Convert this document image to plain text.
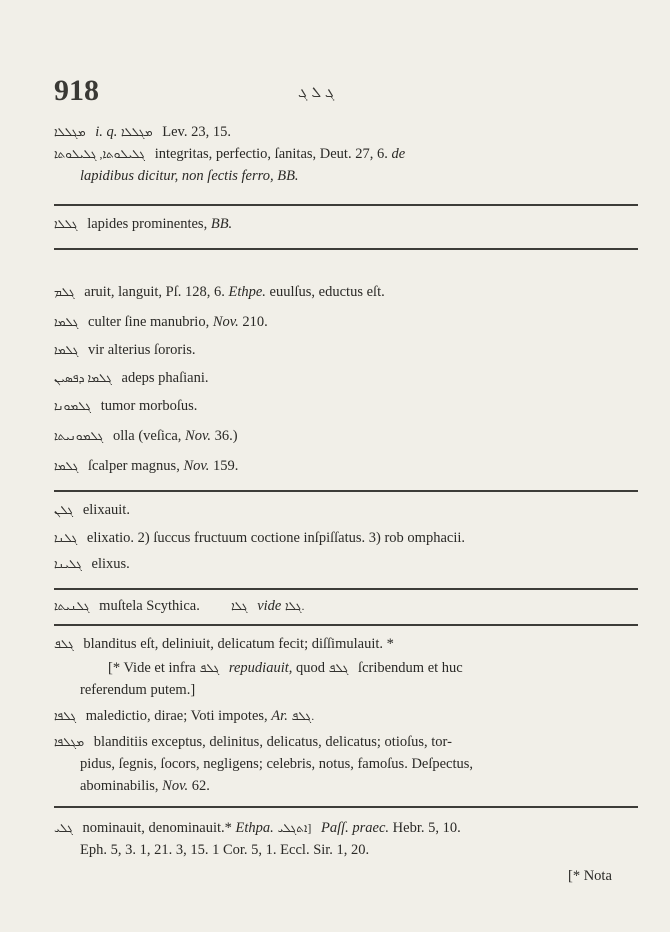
918	ܓ ܠ ܓ
ܡܓܠܠܐ i. q. ܡܓܠܠܐ Lev. 23, 15.
ܓܠܝܠܘܬܐ, ܓܠܝܠܘܬܐ integritas, perfectio, ſanitas, Deut. 27, 6. de
lapidibus dicitur, non ſectis ferro, BB.
ܓܠܠܐ lapides prominentes, BB.
ܓܠܡ aruit, languit, Pſ. 128, 6. Ethpe. euulſus, eductus eſt.
ܓܠܡܐ culter ſine manubrio, Nov. 210.
ܓܠܡܐ vir alterius ſororis.
ܓܠܡܐ ܕܦܣܝܢ adeps phaſiani.
ܓܠܡܘܢܐ tumor morboſus.
ܓܠܡܘܢܝܬܐ olla (veſica, Nov. 36.)
ܓܠܡܐ ſcalper magnus, Nov. 159.
ܓܠܢ elixauit.
ܓܠܢܐ elixatio. 2) ſuccus fructuum coctione inſpiſſatus. 3) rob omphacii.
ܓܠܝܢܐ elixus.
ܓܠܢܝܬܐ muſtela Scythica.	ܓܠܐ vide ܓܠܐ.
ܓܠܦ blanditus eſt, deliniuit, delicatum fecit; diſſimulauit. *
[* Vide et infra ܓܠܦ repudiauit, quod ܓܠܦ ſcribendum et huc
referendum putem.]
ܓܠܦܐ maledictio, dirae; Voti impotes, Ar. ܓܠܦ.
ܡܓܠܦܐ blanditiis exceptus, delinitus, delicatus, delicatus; otioſus, tor-
pidus, ſegnis, ſocors, negligens; celebris, notus, famoſus. Deſpectus,
abominabilis, Nov. 62.
ܓܠܝ nominauit, denominauit.* Ethpa. ܐܬܓܠܝ] Paſſ. praec. Hebr. 5, 10.
Eph. 5, 3. 1, 21. 3, 15. 1 Cor. 5, 1. Eccl. Sir. 1, 20.
[* Nota
